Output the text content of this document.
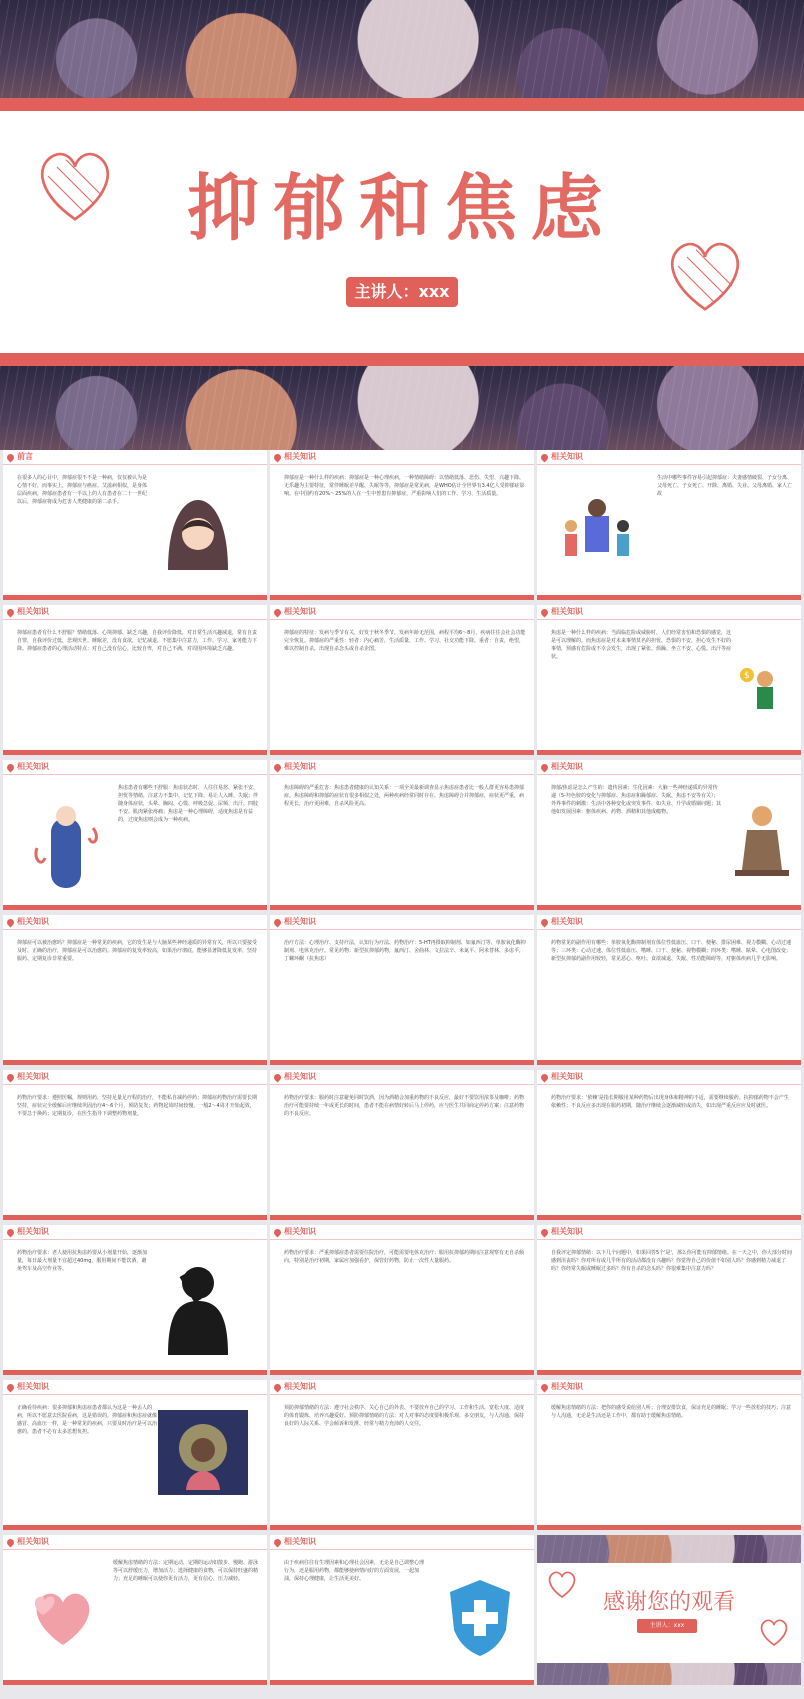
抑郁和焦虑
主讲人：xxx
前言
在很多人的心目中，抑郁症很不不是一种病，仅仅被认为是心情不好，而事实上，抑郁症与癌症、艾滋病相似，是身体层面疾病，抑郁症患者有一半以上的人有患者在二十一世纪以后，抑郁症将成为危害人类健康的第二杀手。
相关知识
抑郁症是一种什么样的疾病：抑郁症是一种心理疾病，一种情绪障碍：以情绪低落、悲伤、失望、兴趣下降、无乐趣为主要特征，常伴睡眠差早醒、失眠等等。抑郁症是常见病，是WHO估计全世界有3.4亿人受抑郁症影响。在中国约有20%～25%的人在一生中曾患有抑郁症，严重影响人们的工作、学习、生活质量。
相关知识
生活中哪些事件容易引起抑郁症：夫妻感情破裂、子女分离、父母死亡、子女死亡、开除、离婚、失业、父母离婚、家人亡故
相关知识
抑郁症患者有什么不舒服？情绪低落、心境抑郁、缺乏兴趣，自我评价降低，对日常生活兴趣减退，常有自责自罪，自我评价过低，悲观厌世。睡眠差，没有食欲，记忆减退，不愿集中注意力，工作、学习、家务能力下降。抑郁症患者的心理活动特点：对自己没有信心，比较自卑，对自己不满，对周围环境缺乏兴趣。
相关知识
抑郁症的特征：发病与季节有关，好发于秋冬季节，发病年龄无范围，病程平均6～8月，疾病往往会社会功能完全恢复。抑郁症的严重性：轻者：内心痛苦，生活质量、工作、学习、社交功能下降。重者：自责，绝望，难以控制自杀，出现自杀念头或自杀企图。
相关知识
焦虑是一种什么样的疾病：当面临危险或威胁时，人们经常害怕和恐惧的感觉，这是可以理解的。而焦虑症是对未来事情莫名的担忧、恐惧的不安，担心发生不好的事情，预感有危险或不幸会发生，出现了紧张、烦躁、坐立不安、心慌、出汗等症状。
$
相关知识
焦虑患者有哪些不舒服：焦虑状态时，人往往易怒、紧张不安、担忧等情绪，注意力不集中、记忆下降、易让人入睡、失眠；伴随身体症状，头晕、胸闷、心慌、呼吸急促、尿频、出汗、四肢不安、肌肉紧张疼痛；焦虑是一种心理障碍，适度焦虑是有益的，过度焦虑则会成为一种疾病。
相关知识
焦虑障碍的严重危害：焦虑患者健康的认知关系：一项全美最新调查显示焦虑症患者比一般人群更容易患抑郁症。焦虑障碍和抑郁的症状有很多相似之处，两种疾病经常同时存在。焦虑障碍合并抑郁症，症状更严重，病程更长，治疗更困难，自杀风险更高。
相关知识
抑郁/焦虑是怎么产生的：遗传因素；生化因素：大脑一些神经递质的异常传递（5-羟色胺的变化与抑郁症、焦虑症和躁郁症、失眠、焦虑不安等有关）；外界事件的刺激：生活中各种变化或突发事件、如失业、升学或婚姻问题；其他如发展因素：躯体疾病、药物、酒精和其他成瘾物。
相关知识
抑郁症可以被治愈吗？抑郁症是一种常见的疾病，它的发生是与大脑某些神经递质的异常有关，所以只要接受及时、正确的治疗，抑郁症是可以治愈的。抑郁症的复发率较高，如果治疗彻底，能够显著降低复发率，坚持服药、定期复诊非常重要。
相关知识
治疗方法：心理治疗、支持疗法，认知行为疗法、药物治疗：5-HT再摄取抑制剂、如氟西汀等、单胺氧化酶抑制剂、电休克治疗。常见药物：新型抗抑郁药物，氟西汀、舍曲林、文拉法辛、米氮平、阿米替林、多虑平，丁螺环酮（抗焦虑）
相关知识
药物常见的副作用有哪些：单胺氧化酶抑制剂有体位性低血压、口干、便秘、排尿困难、视力模糊、心动过速等；三环类：心动过速、体位性低血压、嗜睡、口干、便秘、视物模糊；四环类：嗜睡、眩晕、心电图改变；新型抗抑郁药副作用较轻，常见恶心、呕吐、食欲减退、失眠、性功能障碍等，对躯体疾病几乎无影响。
相关知识
药物治疗要求：遵照医嘱，规则用药，坚持足量足疗程的治疗，不能私自减药停药；抑郁症药物治疗需要长期坚持，症状完全缓解后应继续巩固治疗4～6个月，预防复发；药物起效时间较慢，一般2～4周才开始起效，不要急于换药；定期复诊，在医生指导下调整药物剂量。
相关知识
药物治疗要求：服药时注意避免同时饮酒，因为酒精会加重药物的不良反应，最好不要饮用浓茶及咖啡；药物治疗可能要持续一年或更长的时间，患者不能在病情好转后马上停药，应与医生共同商定停药方案；注意药物的不良反应。
相关知识
药物治疗要求：'依赖'是指长期服用某种药物后出现身体和精神的不适，需要继续服药。抗抑郁药物不会产生依赖性；不良反应多出现在服药初期，随治疗继续会逐渐减轻或消失，如出现严重反应应及时就医。
相关知识
药物治疗要求：老人使用抗焦虑药要从小剂量开始，逐渐加量，每日最大剂量不宜超过40mg，服用期间不能饮酒，避免驾车及高空作业等。
相关知识
药物治疗要求：严重抑郁症患者需要住院治疗，可能需要电休克治疗；服用抗抑郁药期间注意观察有无自杀倾向，特别是治疗初期，家属应加强看护，保管好药物，防止一次性大量服药。
相关知识
自我评定抑郁情绪：以下几个问题中，如果回答5个'是'，那么你可能有抑郁情绪。在一天之中，你大部分时间感到沮丧吗？你对所有或几乎所有的活动都没有兴趣吗？你觉得自己的价值不如别人吗？你感到精力减退了吗？你经常失眠或睡眠过多吗？你有自杀的念头吗？你很难集中注意力吗？
相关知识
正确看待疾病：很多抑郁和焦虑症患者都认为这是一种丢人的病，所以不愿意去医院看病，这是错误的。抑郁症和焦虑症就像感冒、高血压一样，是一种常见的疾病，只要及时治疗是可以治愈的，患者不必有太多思想负担。
相关知识
预防抑郁情绪的方法：遵守社会秩序、关心自己的外表、不要放弃自己的学习、工作和生活、宽松大度、适度的体育锻炼、培养兴趣爱好。预防抑郁情绪的方法：对人对事的态度要积极乐观、多交朋友，与人沟通、保持良好的人际关系、学会倾诉和发泄、经常与精力充沛的人交往。
相关知识
缓解焦虑情绪的方法：把你的感受说给别人听；合理安排饮食，保证充足的睡眠；学习一些放松的技巧；注意与人沟通，无论是生活还是工作中，都有助于缓解焦虑情绪。
相关知识
缓解焦虑情绪的方法：定期运动，定期的运动如散步、慢跑、游泳等可以舒缓压力，增加活力；选择健康的食物，可以保持旺盛的精力；充足的睡眠可以使你更有活力，更有信心，压力减轻。
相关知识
由于疾病往往有生理因素和心理社会因素，无论是自己调整心理行为，还是服用药物，都能够使病情向好的方面发展，一起加油，保持心理健康，让生活更美好。
感谢您的观看
主讲人：xxx
